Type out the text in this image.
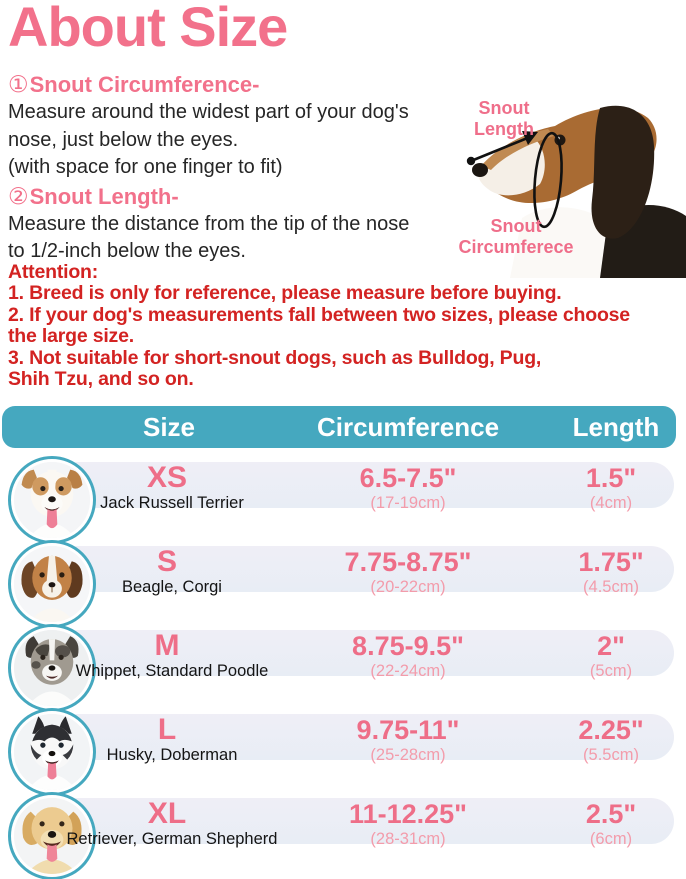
About Size
①Snout Circumference-
Measure around the widest part of your dog's
nose, just below the eyes.
(with space for one finger to fit)
②Snout Length-
Measure the distance from the tip of the nose
to 1/2-inch below the eyes.
Attention:
1. Breed is only for reference, please measure before buying.
2. If your dog's measurements fall between two sizes, please choose
the large size.
3. Not suitable for short-snout dogs, such as Bulldog, Pug,
Shih Tzu, and so on.
Snout
Length
Snout
Circumferece
Size	Circumference	Length
XS
Jack Russell Terrier
6.5-7.5"
(17-19cm)
1.5"
(4cm)
S
Beagle, Corgi
7.75-8.75"
(20-22cm)
1.75"
(4.5cm)
M
Whippet, Standard Poodle
8.75-9.5"
(22-24cm)
2"
(5cm)
L
Husky, Doberman
9.75-11"
(25-28cm)
2.25"
(5.5cm)
XL
Retriever, German Shepherd
11-12.25"
(28-31cm)
2.5"
(6cm)
